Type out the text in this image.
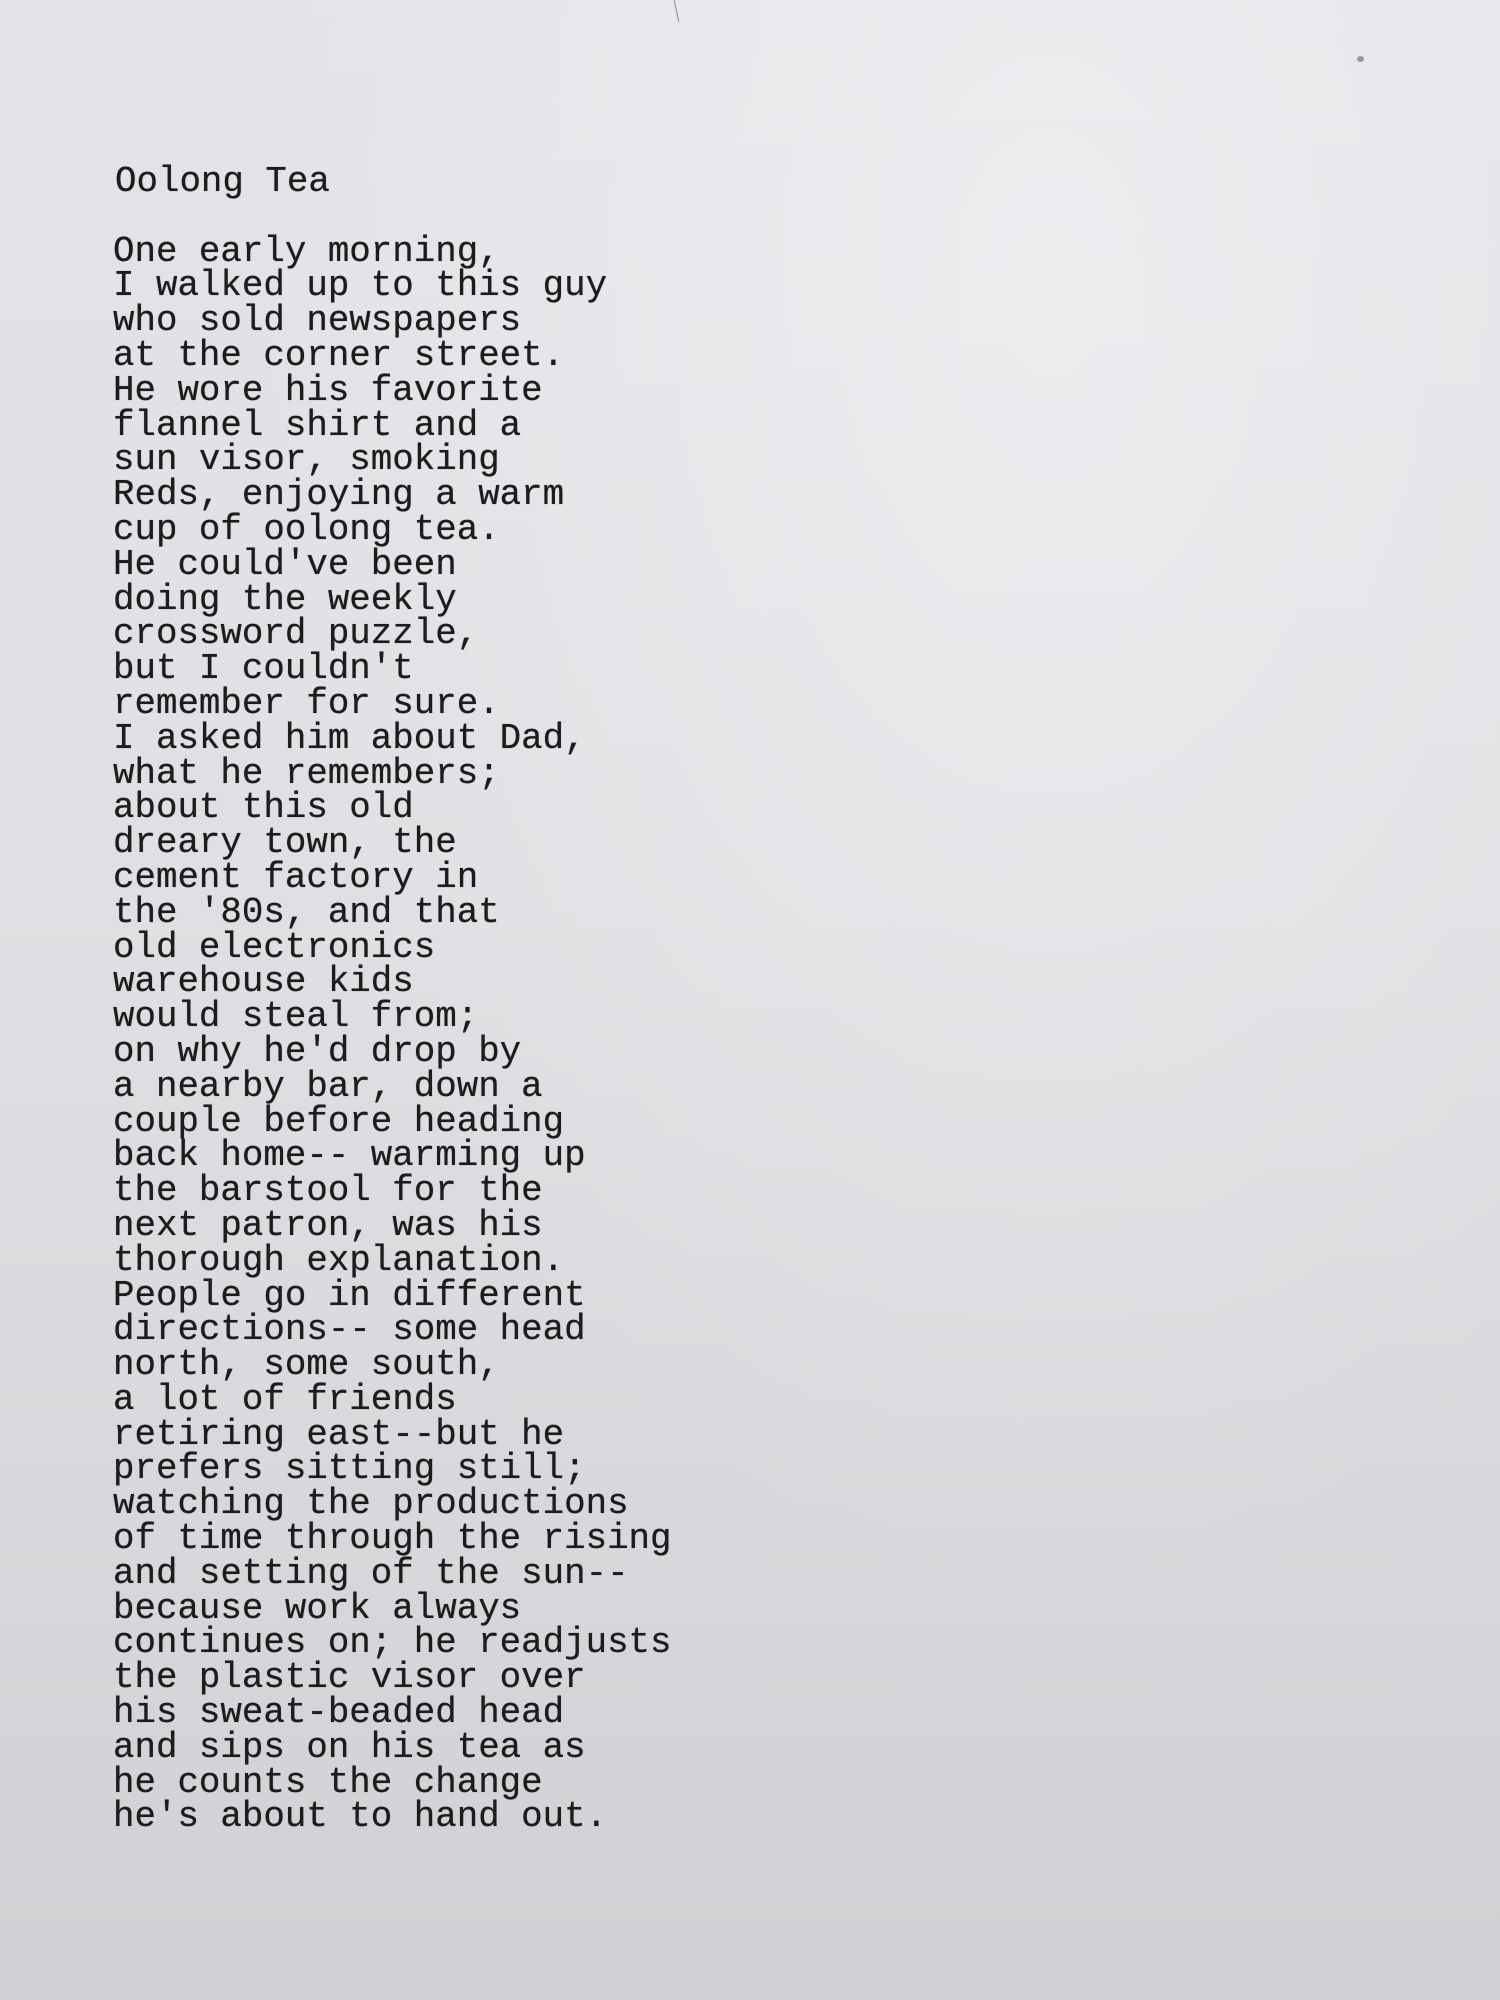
Oolong Tea
One early morning,
I walked up to this guy
who sold newspapers
at the corner street.
He wore his favorite
flannel shirt and a
sun visor, smoking
Reds, enjoying a warm
cup of oolong tea.
He could've been
doing the weekly
crossword puzzle,
but I couldn't
remember for sure.
I asked him about Dad,
what he remembers;
about this old
dreary town, the
cement factory in
the '80s, and that
old electronics
warehouse kids
would steal from;
on why he'd drop by
a nearby bar, down a
couple before heading
back home-- warming up
the barstool for the
next patron, was his
thorough explanation.
People go in different
directions-- some head
north, some south,
a lot of friends
retiring east--but he
prefers sitting still;
watching the productions
of time through the rising
and setting of the sun--
because work always
continues on; he readjusts
the plastic visor over
his sweat-beaded head
and sips on his tea as
he counts the change
he's about to hand out.
